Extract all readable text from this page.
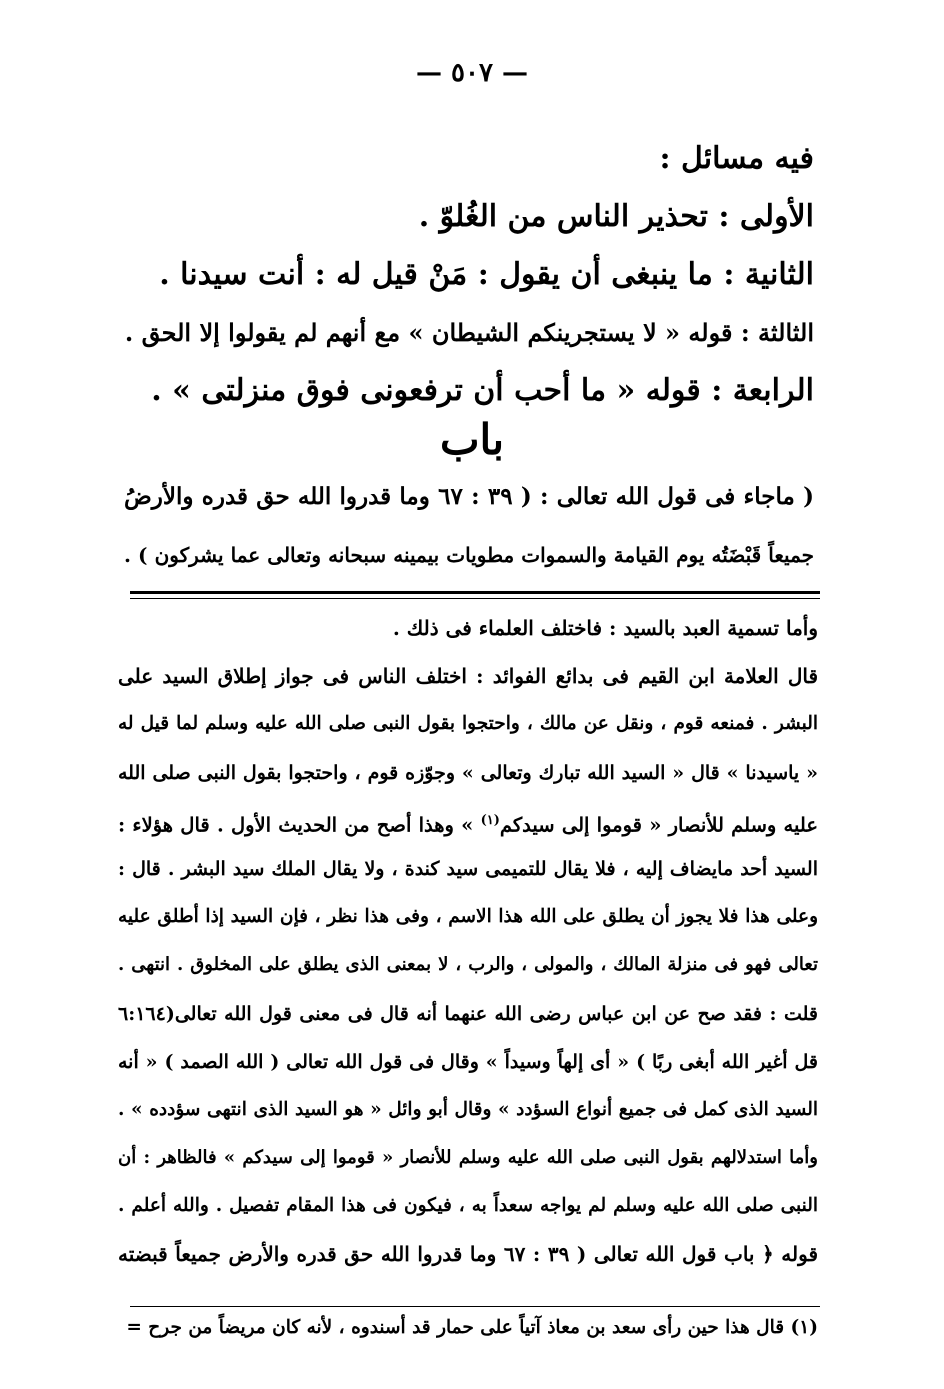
— ٥٠٧ —
فيه مسائل :
الأولى : تحذير الناس من الغُلوّ .
الثانية : ما ينبغى أن يقول : مَنْ قيل له : أنت سيدنا .
الثالثة : قوله « لا يستجرينكم الشيطان » مع أنهم لم يقولوا إلا الحق .
الرابعة : قوله « ما أحب أن ترفعونى فوق منزلتى » .
باب
( ماجاء فى قول الله تعالى : ( ٣٩ : ٦٧ وما قدروا الله حق قدره والأرضُ
جميعاً قَبْضَتُه يوم القيامة والسموات مطويات بيمينه سبحانه وتعالى عما يشركون ) .
وأما تسمية العبد بالسيد : فاختلف العلماء فى ذلك .
قال العلامة ابن القيم فى بدائع الفوائد : اختلف الناس فى جواز إطلاق السيد على
البشر . فمنعه قوم ، ونقل عن مالك ، واحتجوا بقول النبى صلى الله عليه وسلم لما قيل له
« ياسيدنا » قال « السيد الله تبارك وتعالى » وجوّزه قوم ، واحتجوا بقول النبى صلى الله
عليه وسلم للأنصار « قوموا إلى سيدكم$^{(١)}$ » وهذا أصح من الحديث الأول . قال هؤلاء :
السيد أحد مايضاف إليه ، فلا يقال للتميمى سيد كندة ، ولا يقال الملك سيد البشر . قال :
وعلى هذا فلا يجوز أن يطلق على الله هذا الاسم ، وفى هذا نظر ، فإن السيد إذا أطلق عليه
تعالى فهو فى منزلة المالك ، والمولى ، والرب ، لا بمعنى الذى يطلق على المخلوق . انتهى .
قلت : فقد صح عن ابن عباس رضى الله عنهما أنه قال فى معنى قول الله تعالى(٦:١٦٤
قل أغير الله أبغى ربًا ) « أى إلهاً وسيداً » وقال فى قول الله تعالى ( الله الصمد ) « أنه
السيد الذى كمل فى جميع أنواع السؤدد » وقال أبو وائل « هو السيد الذى انتهى سؤدده » .
وأما استدلالهم بقول النبى صلى الله عليه وسلم للأنصار « قوموا إلى سيدكم » فالظاهر : أن
النبى صلى الله عليه وسلم لم يواجه سعداً به ، فيكون فى هذا المقام تفصيل . والله أعلم .
قوله ﴿ باب قول الله تعالى ( ٣٩ : ٦٧ وما قدروا الله حق قدره والأرض جميعاً قبضته
(١) قال هذا حين رأى سعد بن معاذ آتياً على حمار قد أسندوه ، لأنه كان مريضاً من جرح =
